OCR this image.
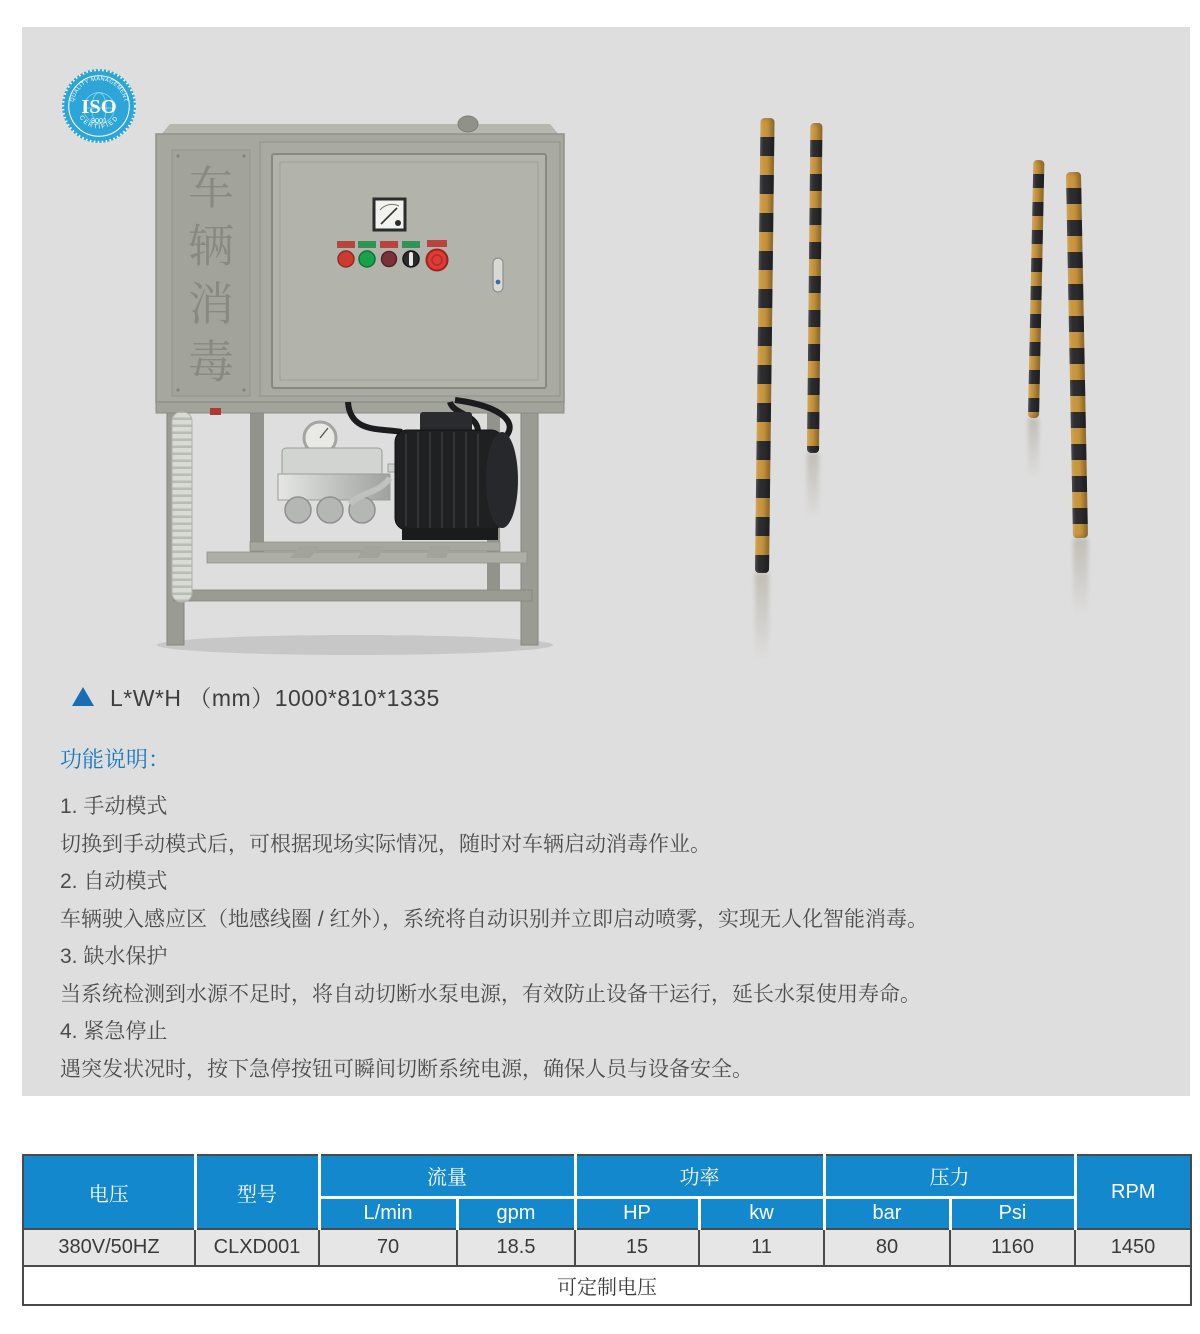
QUALITY MANAGEMENT
ISO
9001
CERTIFIED
车
辆
消
毒
L*W*H （mm）1000*810*1335
功能说明：
1. 手动模式
切换到手动模式后，可根据现场实际情况，随时对车辆启动消毒作业。
2. 自动模式
车辆驶入感应区（地感线圈 / 红外），系统将自动识别并立即启动喷雾，实现无人化智能消毒。
3. 缺水保护
当系统检测到水源不足时，将自动切断水泵电源，有效防止设备干运行，延长水泵使用寿命。
4. 紧急停止
遇突发状况时，按下急停按钮可瞬间切断系统电源，确保人员与设备安全。
电压	型号	流量		功率		压力		RPM
		L/min	gpm	HP	kw	bar	Psi	
380V/50HZ	CLXD001	70	18.5	15	11	80	1160	1450
可定制电压								
